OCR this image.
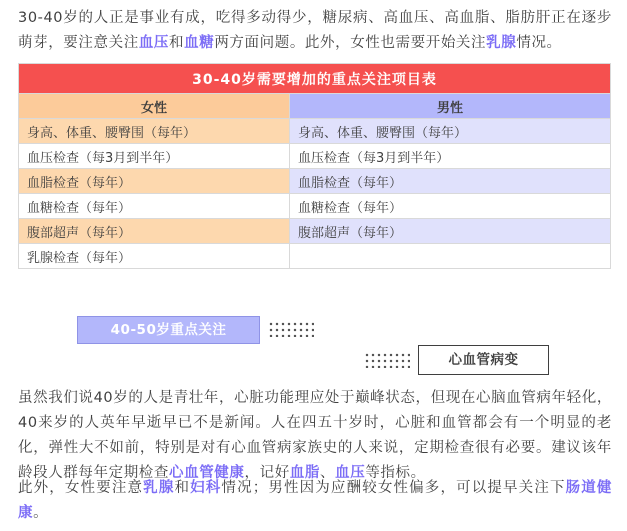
30-40岁的人正是事业有成，吃得多动得少，糖尿病、高血压、高血脂、脂肪肝正在逐步萌芽，要注意关注血压和血糖两方面问题。此外，女性也需要开始关注乳腺情况。

30-40岁需要增加的重点关注项目表	
女性	男性
身高、体重、腰臀围（每年）	身高、体重、腰臀围（每年）
血压检查（每3月到半年）	血压检查（每3月到半年）
血脂检查（每年）	血脂检查（每年）
血糖检查（每年）	血糖检查（每年）
腹部超声（每年）	腹部超声（每年）
乳腺检查（每年）	
40-50岁重点关注
心血管病变

虽然我们说40岁的人是青壮年，心脏功能理应处于巅峰状态，但现在心脑血管病年轻化，40来岁的人英年早逝早已不是新闻。人在四五十岁时，心脏和血管都会有一个明显的老化，弹性大不如前，特别是对有心血管病家族史的人来说，定期检查很有必要。建议该年龄段人群每年定期检查心血管健康，记好血脂、血压等指标。

此外，女性要注意乳腺和妇科情况；男性因为应酬较女性偏多，可以提早关注下肠道健康。
